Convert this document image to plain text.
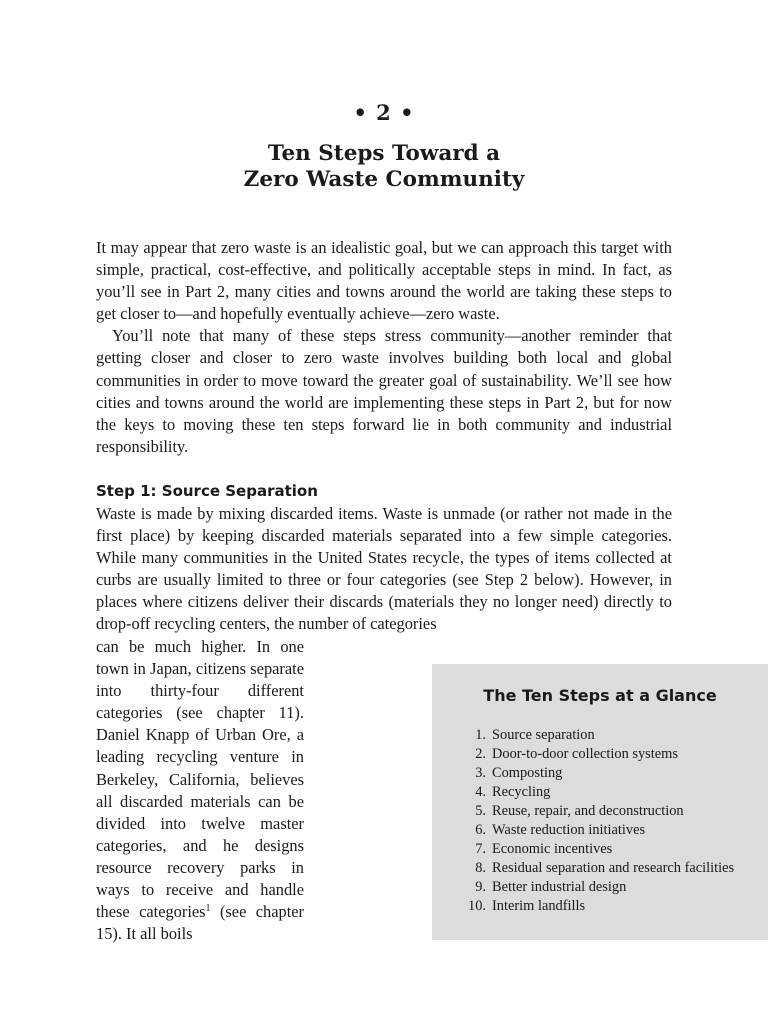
• 2 •
Ten Steps Toward a
Zero Waste Community

It may appear that zero waste is an idealistic goal, but we can approach this target with simple, practical, cost-effective, and politically acceptable steps in mind. In fact, as you’ll see in Part 2, many cities and towns around the world are taking these steps to get closer to—and hopefully eventually achieve—zero waste.

You’ll note that many of these steps stress community—another reminder that getting closer and closer to zero waste involves building both local and global communities in order to move toward the greater goal of sustainability. We’ll see how cities and towns around the world are implementing these steps in Part 2, but for now the keys to moving these ten steps forward lie in both community and industrial responsibility.

Step 1: Source Separation

Waste is made by mixing discarded items. Waste is unmade (or rather not made in the first place) by keeping discarded materials separated into a few simple categories. While many communities in the United States recycle, the types of items collected at curbs are usually limited to three or four categories (see Step 2 below). However, in places where citizens deliver their discards (materials they no longer need) directly to drop-off recycling centers, the number of categories

can be much higher. In one town in Japan, citizens separate into thirty-four different categories (see chapter 11). Daniel Knapp of Urban Ore, a leading recycling venture in Berkeley, California, believes all discarded materials can be divided into twelve master categories, and he designs resource recovery parks in ways to receive and handle these categories$^1$ (see chapter 15). It all boils

The Ten Steps at a Glance
1. Source separation
2. Door-to-door collection systems
3. Composting
4. Recycling
5. Reuse, repair, and deconstruction
6. Waste reduction initiatives
7. Economic incentives
8. Residual separation and research facilities
9. Better industrial design
10. Interim landfills
